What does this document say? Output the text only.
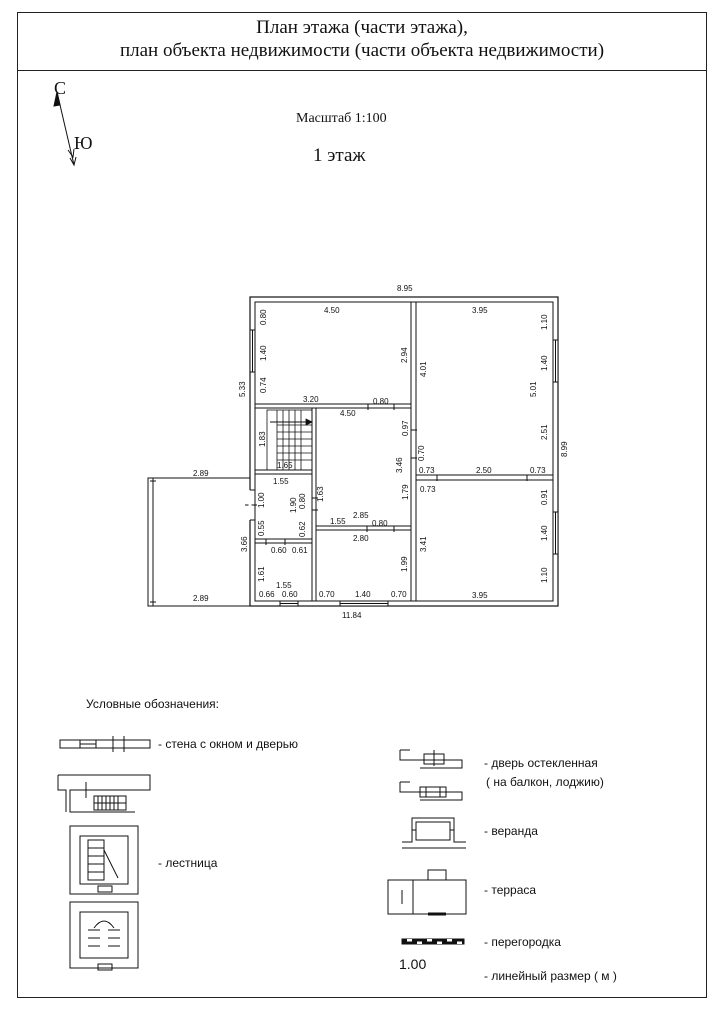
План этажа (части этажа),
план объекта недвижимости (части объекта недвижимости)
8.95
11.84
8.99
5.33
3.66
2.89
2.89
4.50
0.80
1.40
0.74
2.94
3.20	0.80
3.95
4.01
1.10
1.40
2.51
5.01
0.73	2.50	0.73
0.70
4.50
0.97
3.46
1.79
2.85
1.55	0.80
1.83
1.65
1.55
1.00	1.90 0.80 1.63
0.55	0.62
0.60 0.61
1.61
1.55
0.66 0.60
2.80
1.99
0.70	1.40	0.70
0.73
3.41
0.91
1.40
1.10
3.95
С
Ю
Масштаб 1:100
1 этаж
Условные обозначения:
- стена с окном и дверью
- лестница
- дверь остекленная
( на балкон, лоджию)
- веранда
- терраса
- перегородка
1.00
- линейный размер ( м )
